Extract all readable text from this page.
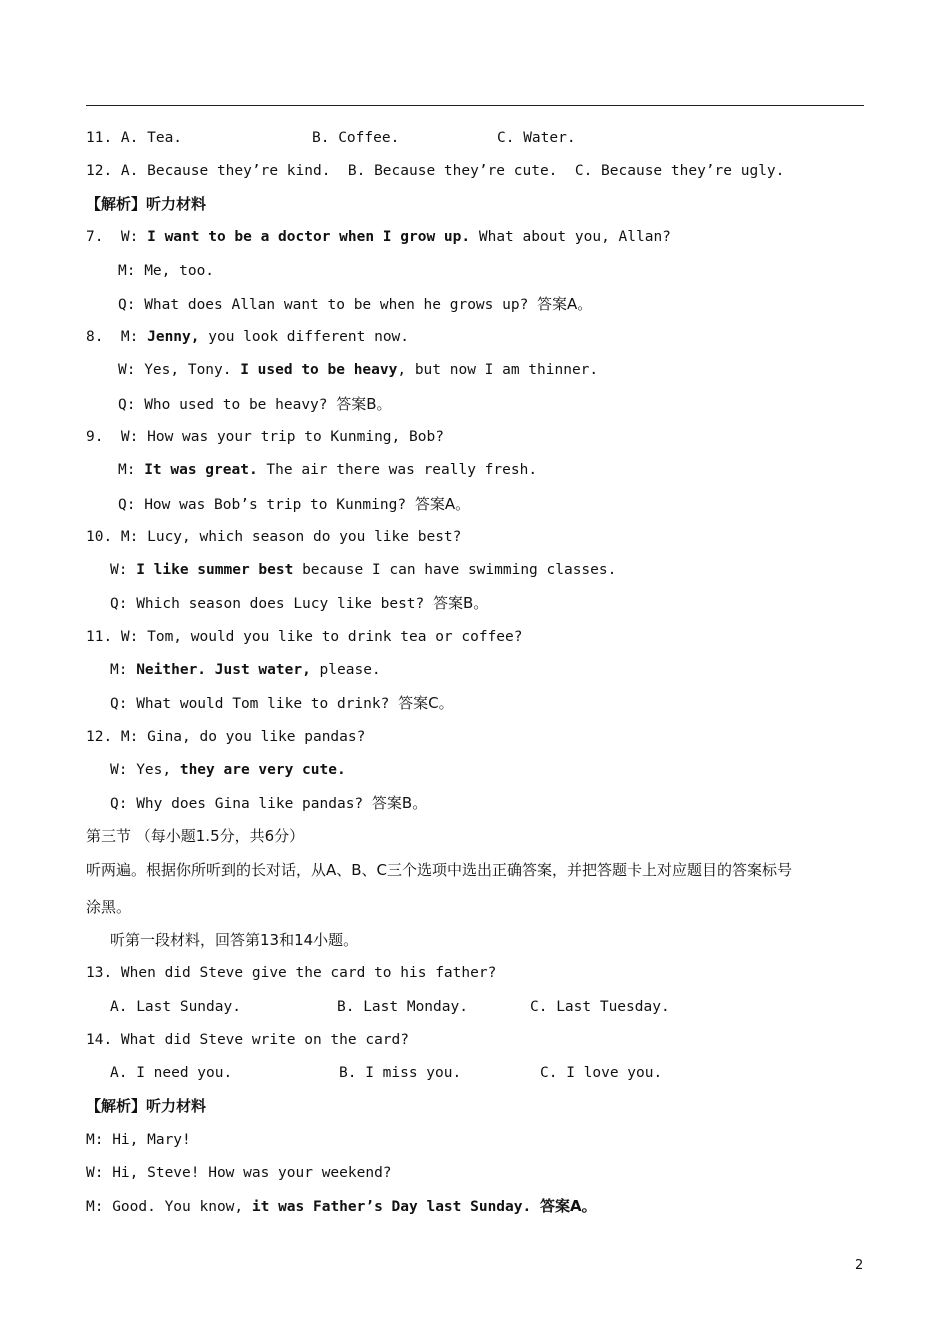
11. A. Tea.	B. Coffee.	C. Water.
12. A. Because they’re kind.  B. Because they’re cute.  C. Because they’re ugly.
【解析】听力材料
7.  W: I want to be a doctor when I grow up. What about you, Allan?
M: Me, too.
Q: What does Allan want to be when he grows up? 答案A。
8.  M: Jenny, you look different now.
W: Yes, Tony. I used to be heavy, but now I am thinner.
Q: Who used to be heavy? 答案B。
9.  W: How was your trip to Kunming, Bob?
M: It was great. The air there was really fresh.
Q: How was Bob’s trip to Kunming? 答案A。
10. M: Lucy, which season do you like best?
W: I like summer best because I can have swimming classes.
Q: Which season does Lucy like best? 答案B。
11. W: Tom, would you like to drink tea or coffee?
M: Neither. Just water, please.
Q: What would Tom like to drink? 答案C。
12. M: Gina, do you like pandas?
W: Yes, they are very cute.
Q: Why does Gina like pandas? 答案B。
第三节 （每小题1.5分，共6分）
听两遍。根据你所听到的长对话，从A、B、C三个选项中选出正确答案，并把答题卡上对应题目的答案标号
涂黑。
听第一段材料，回答第13和14小题。
13. When did Steve give the card to his father?
A. Last Sunday.	B. Last Monday.	C. Last Tuesday.
14. What did Steve write on the card?
A. I need you.	B. I miss you.	C. I love you.
【解析】听力材料
M: Hi, Mary!
W: Hi, Steve! How was your weekend?
M: Good. You know, it was Father’s Day last Sunday. 答案A。
2
